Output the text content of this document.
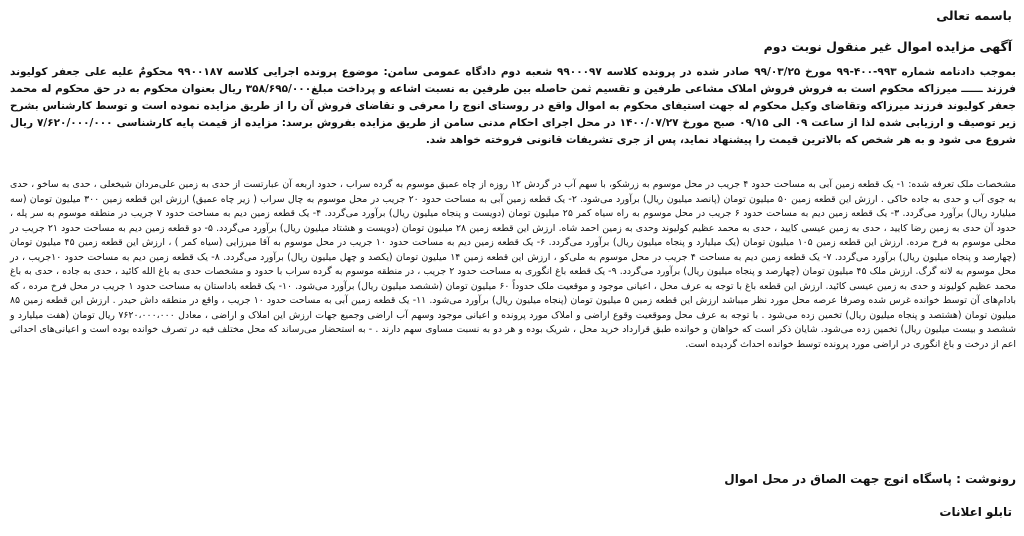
باسمه تعالی
آگهی مزایده اموال غیر منقول نوبت دوم
بموجب دادنامه شماره ۹۹۳-۴۰۰-۹۹ مورخ ۹۹/۰۳/۲۵ صادر شده در پرونده کلاسه ۹۹۰۰۰۹۷ شعبه دوم دادگاه عمومی سامن: موضوع پرونده اجرایی کلاسه ۹۹۰۰۱۸۷ محکومٌ علیه علی جعفر کولیوند فرزند ــــــ میرزاکه محکوم است به فروش فروش املاک مشاعی طرفین و تقسیم ثمن حاصله بین طرفین به نسبت اشاعه و پرداخت مبلغ۳۵۸/۶۹۵/۰۰۰ ریال بعنوان محکوم به در حق محکوم له محمد جعفر کولیوند فرزند میرزاکه وتقاضای وکیل محکوم له جهت استیفای محکوم به اموال واقع در روستای انوج را معرفی و تقاضای فروش آن را از طریق مزایده نموده است و توسط کارشناس بشرح زیر توصیف و ارزیابی شده لذا از ساعت ۰۹ الی ۰۹/۱۵ صبح مورخ ۱۴۰۰/۰۷/۲۷ در محل اجرای احکام مدنی سامن از طریق مزایده بفروش برسد: مزایده از قیمت پایه کارشناسی ۷/۶۲۰/۰۰۰/۰۰۰ ریال شروع می شود و به هر شخص که بالاترین قیمت را پیشنهاد نماید، پس از جری تشریفات قانونی فروخته خواهد شد.
مشخصات ملک تعرفه شده: ۱- یک قطعه زمین آبی به مساحت حدود ۴ جریب در محل موسوم به زرشکو، با سهم آب در گردش ۱۲ روزه از چاه عمیق موسوم به گرده سراب ، حدود اربعه آن عبارتست از حدی به زمین علی‌مردان شیخعلی ، حدی به ساخو ، حدی به جوی آب و حدی به جاده خاکی . ارزش این قطعه زمین ۵۰ میلیون تومان (پانصد میلیون ریال) برآورد می‌شود. ۲- یک قطعه زمین آبی به مساحت حدود ۲۰ جریب در محل موسوم به چال سراب ( زیر چاه عمیق) ارزش این قطعه زمین ۳۰۰ میلیون تومان (سه میلیارد ریال) برآورد می‌گردد. ۳- یک قطعه زمین دیم به مساحت حدود ۶ جریب در محل موسوم به راه سیاه کمر ۲۵ میلیون تومان (دویست و پنجاه میلیون ریال) برآورد می‌گردد. ۴- یک قطعه زمین دیم به مساحت حدود ۷ جریب در منطقه موسوم به سر پله ، حدود آن حدی به زمین رضا کایید ، حدی به زمین عیسی کایید ، حدی به محمد عظیم کولیوند وحدی به زمین احمد شاه. ارزش این قطعه زمین ۲۸ میلیون تومان (دویست و هشتاد میلیون ریال) برآورد می‌گردد. ۵- دو قطعه زمین دیم به مساحت حدود ۲۱ جریب در محلی موسوم به فرخ مرده. ارزش این قطعه زمین ۱۰۵ میلیون تومان (یک میلیارد و پنجاه میلیون ریال) برآورد می‌گردد. ۶- یک قطعه زمین دیم به مساحت حدود ۱۰ جریب در محل موسوم به آقا میرزایی (سیاه کمر ) ، ارزش این قطعه زمین ۴۵ میلیون تومان (چهارصد و پنجاه میلیون ریال) برآورد می‌گردد. ۷- یک قطعه زمین دیم به مساحت ۴ جریب در محل موسوم به ملی‌کو ، ارزش این قطعه زمین ۱۴ میلیون تومان (یکصد و چهل میلیون ریال) برآورد می‌گردد. ۸- یک قطعه زمین دیم به مساحت حدود ۱۰جریب ، در محل موسوم به لانه گرگ. ارزش ملک ۴۵ میلیون تومان (چهارصد و پنجاه میلیون ریال) برآورد می‌گردد. ۹- یک قطعه باغ انگوری به مساحت حدود ۲ جریب ، در منطقه موسوم به گرده سراب با حدود و مشخصات حدی به باغ الله کائید ، حدی به جاده ، حدی به باغ محمد عظیم کولیوند و حدی به زمین عیسی کائید. ارزش این قطعه باغ با توجه به عرف محل ، اعیانی موجود و موقعیت ملک حدوداً ۶۰ میلیون تومان (ششصد میلیون ریال) برآورد می‌شود. ۱۰- یک قطعه باداستان به مساحت حدود ۱ جریب در محل فرخ مرده ، که بادام‌های آن توسط خوانده غرس شده وصرفا عرصه محل مورد نظر میباشد ارزش این قطعه زمین ۵ میلیون تومان (پنجاه میلیون ریال) برآورد می‌شود. ۱۱- یک قطعه زمین آبی به مساحت حدود ۱۰ جریب ، واقع در منطقه داش حیدر . ارزش این قطعه زمین ۸۵ میلیون تومان (هشتصد و پنجاه میلیون ریال) تخمین زده می‌شود . با توجه به عرف محل وموقعیت وقوع اراضی و املاک مورد پرونده و اعیانی موجود وسهم آب اراضی وجمیع جهات ارزش این املاک و اراضی ، معادل ۷۶۲۰،۰۰۰،۰۰۰ ریال تومان (هفت میلیارد و ششصد و بیست میلیون ریال) تخمین زده می‌شود. شایان ذکر است که خواهان و خوانده طبق قرارداد خرید محل ، شریک بوده و هر دو به نسبت مساوی سهم دارند . - به استحضار می‌رساند که محل مختلف فیه در تصرف خوانده بوده است و اعیانی‌های احداثی اعم از درخت و باغ انگوری در اراضی مورد پرونده توسط خوانده احداث گردیده است.
رونوشت : پاسگاه انوج جهت الصاق در محل اموال
تابلو اعلانات
